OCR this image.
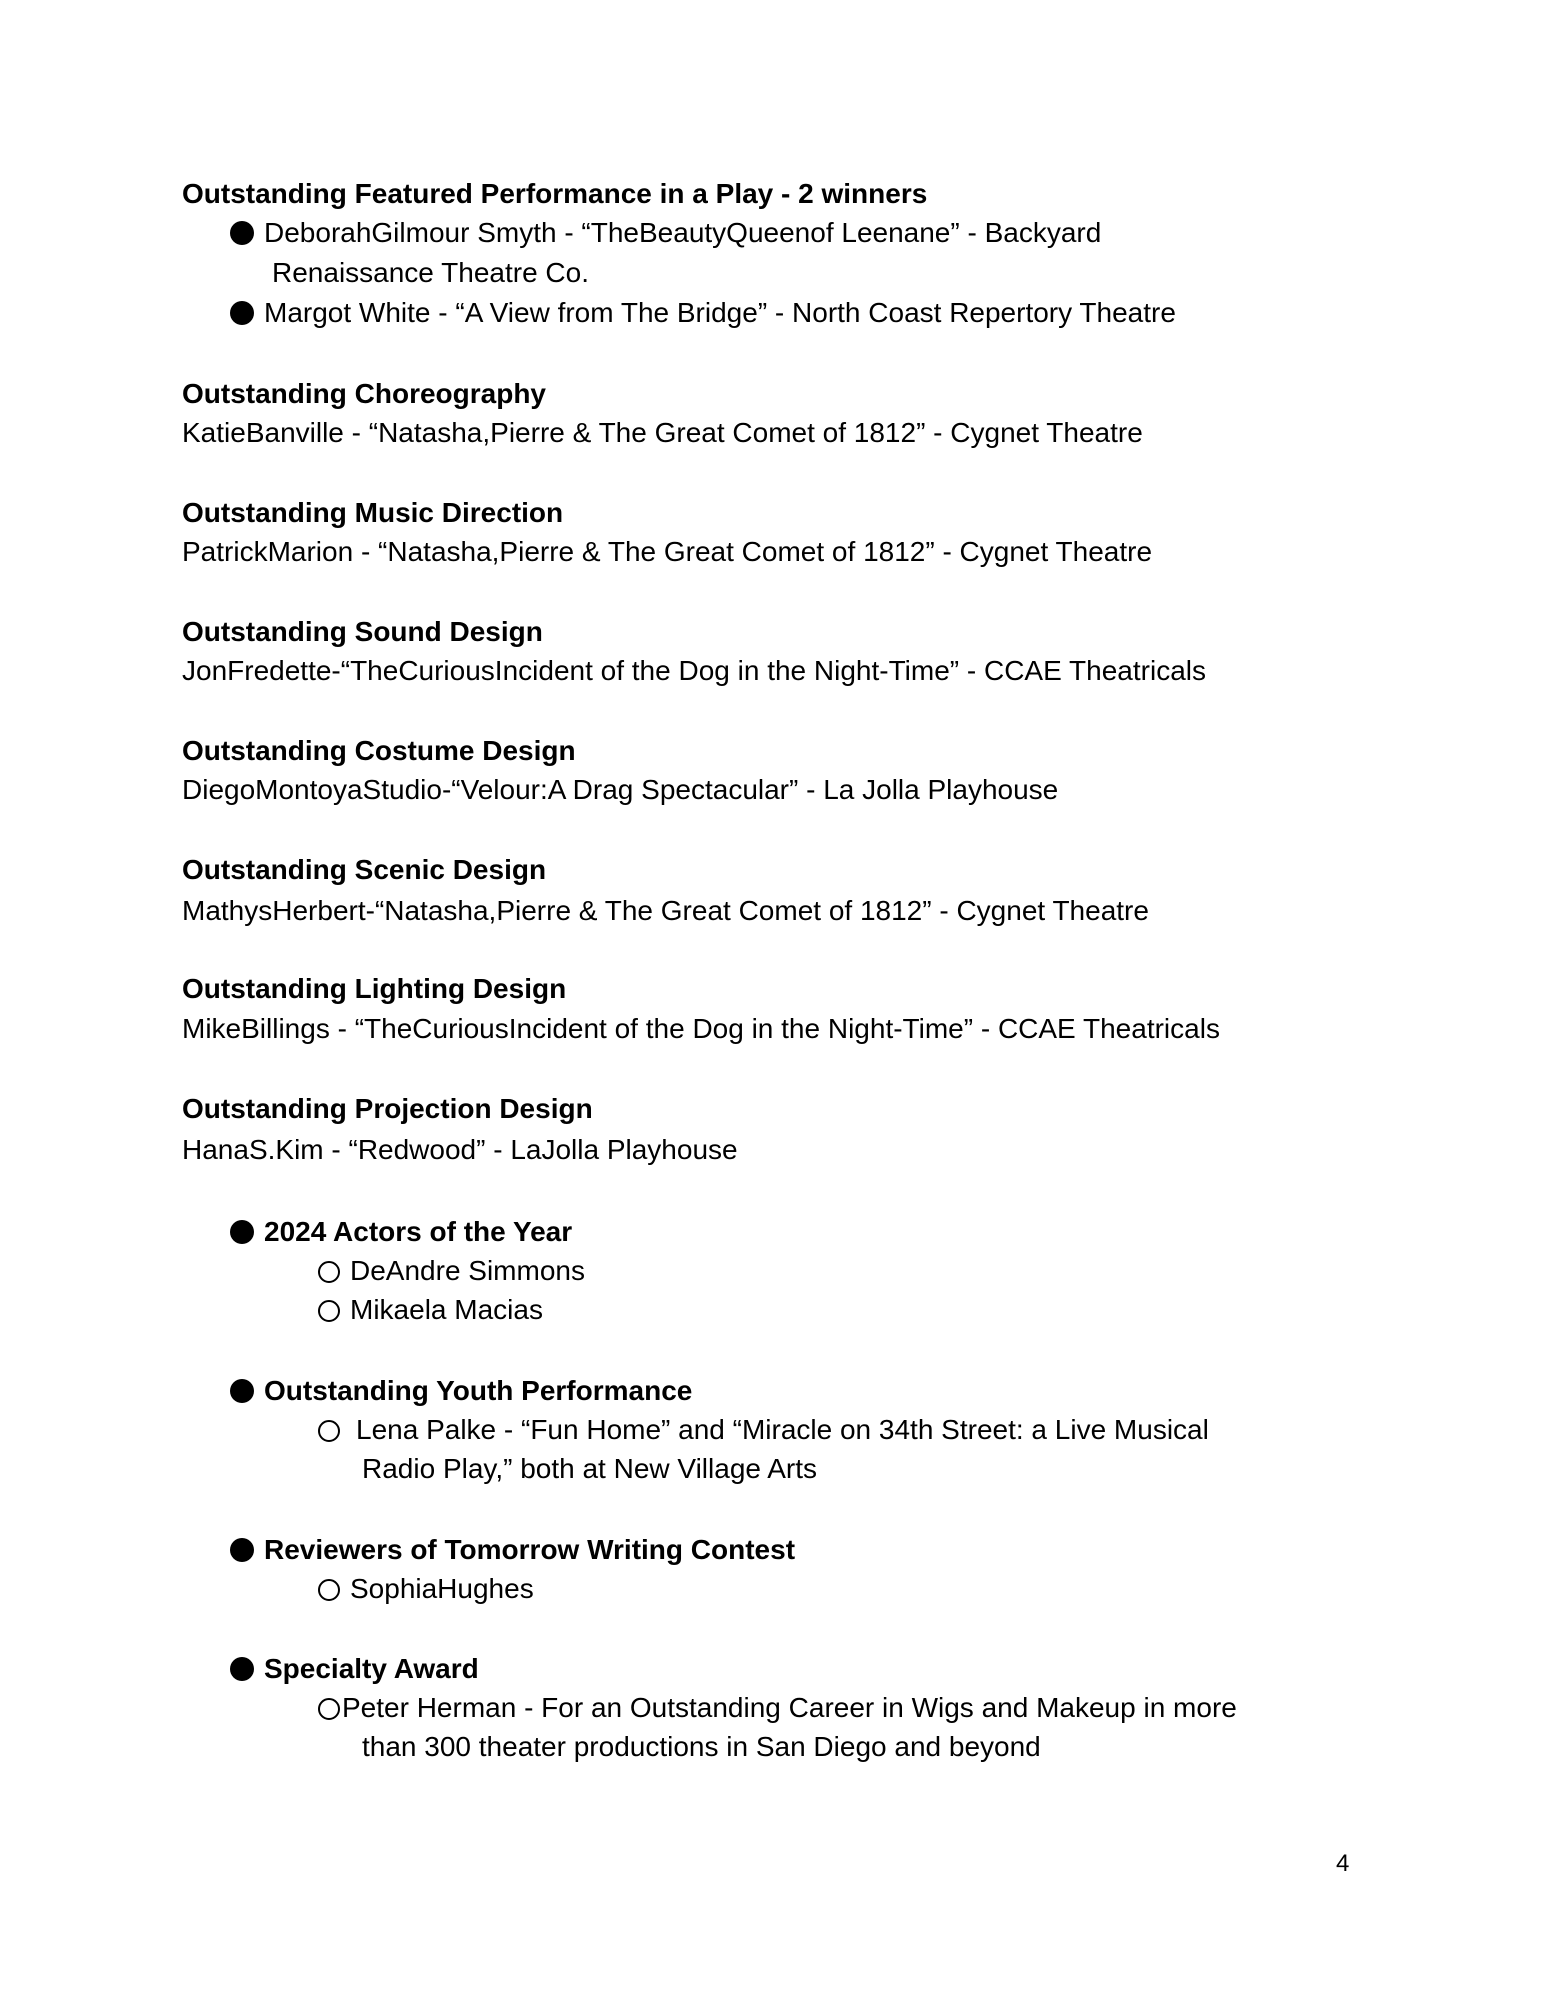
Outstanding Featured Performance in a Play - 2 winners
DeborahGilmour Smyth - “TheBeautyQueenof Leenane” - Backyard
Renaissance Theatre Co.
Margot White - “A View from The Bridge” - North Coast Repertory Theatre
Outstanding Choreography
KatieBanville - “Natasha,Pierre & The Great Comet of 1812” - Cygnet Theatre
Outstanding Music Direction
PatrickMarion - “Natasha,Pierre & The Great Comet of 1812” - Cygnet Theatre
Outstanding Sound Design
JonFredette-“TheCuriousIncident of the Dog in the Night-Time” - CCAE Theatricals
Outstanding Costume Design
DiegoMontoyaStudio-“Velour:A Drag Spectacular” - La Jolla Playhouse
Outstanding Scenic Design
MathysHerbert-“Natasha,Pierre & The Great Comet of 1812” - Cygnet Theatre
Outstanding Lighting Design
MikeBillings - “TheCuriousIncident of the Dog in the Night-Time” - CCAE Theatricals
Outstanding Projection Design
HanaS.Kim - “Redwood” - LaJolla Playhouse
2024 Actors of the Year
DeAndre Simmons
Mikaela Macias
Outstanding Youth Performance
Lena Palke - “Fun Home” and “Miracle on 34th Street: a Live Musical
Radio Play,” both at New Village Arts
Reviewers of Tomorrow Writing Contest
SophiaHughes
Specialty Award
Peter Herman - For an Outstanding Career in Wigs and Makeup in more
than 300 theater productions in San Diego and beyond
4
